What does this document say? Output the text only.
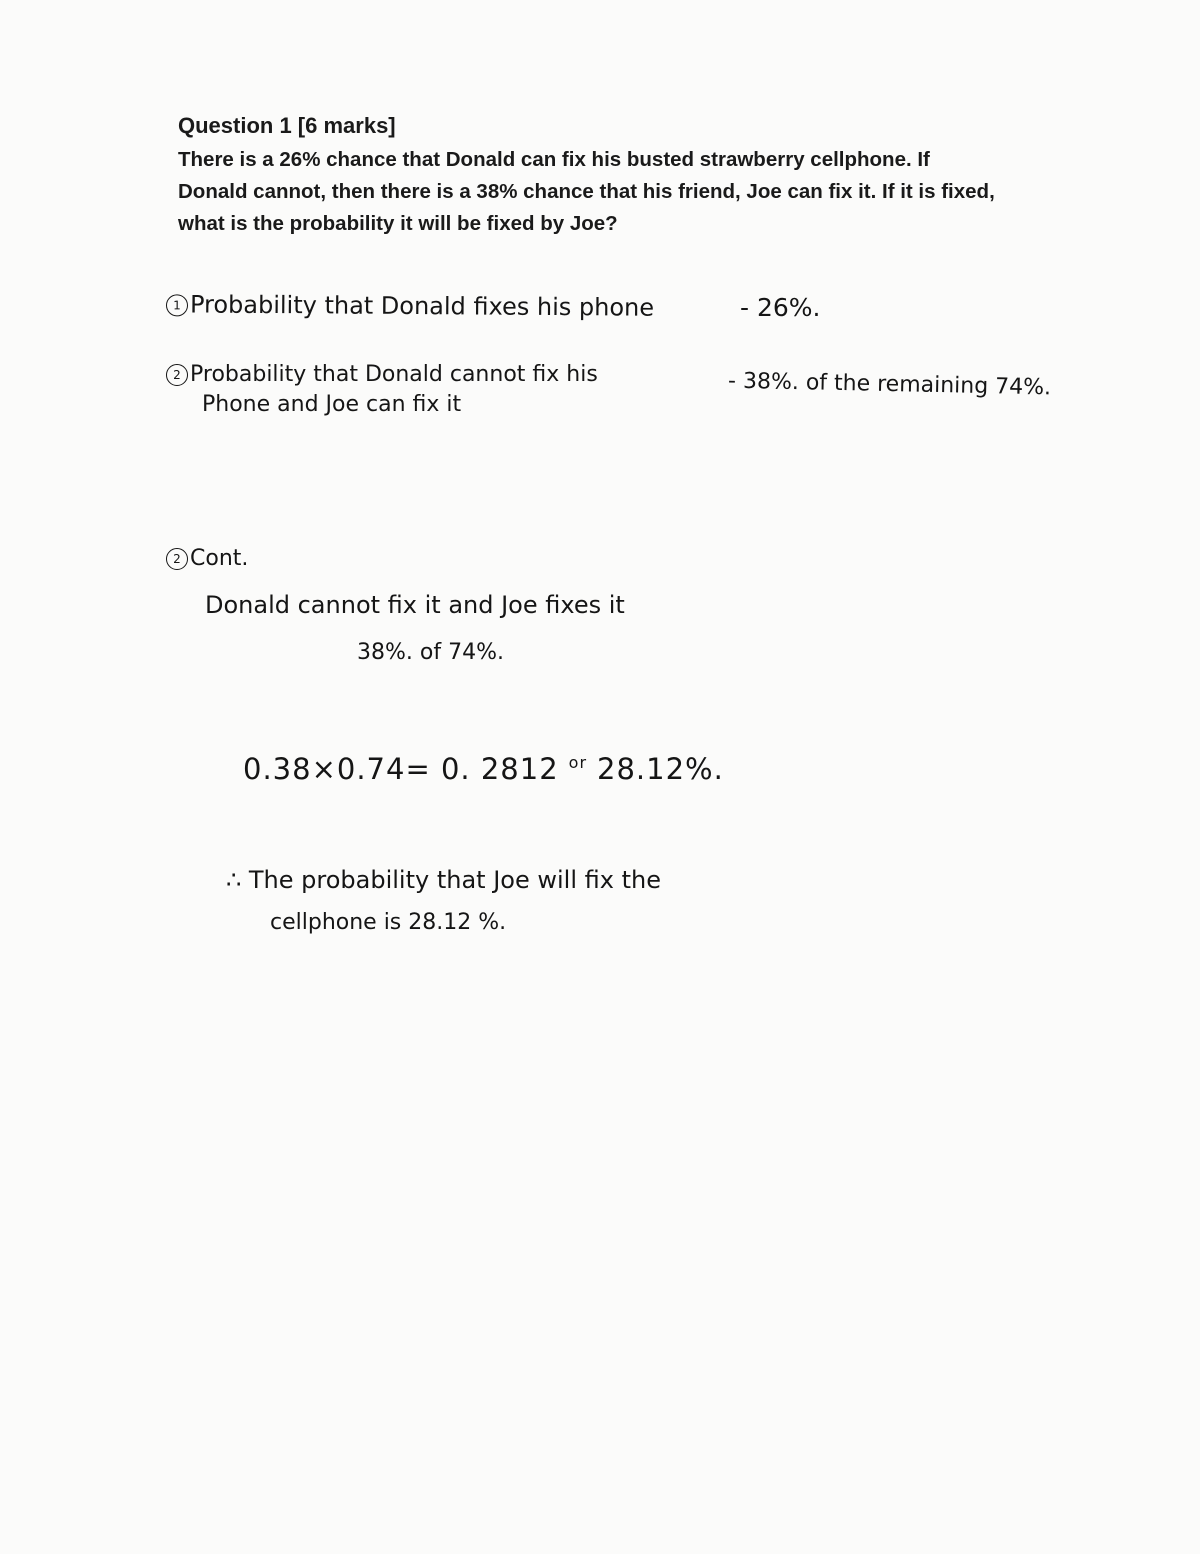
Question 1 [6 marks]
There is a 26% chance that Donald can fix his busted strawberry cellphone. If
Donald cannot, then there is a 38% chance that his friend, Joe can fix it. If it is fixed,
what is the probability it will be fixed by Joe?
1 Probability that Donald fixes his phone	- 26%.
2 Probability that Donald cannot fix his
Phone and Joe can fix it
- 38%. of the remaining 74%.
2 Cont.
Donald cannot fix it and Joe fixes it
38%. of 74%.
0.38×0.74= 0. 2812 $^{or}$ 28.12%.
∴ The probability that Joe will fix the
cellphone is 28.12 %.
